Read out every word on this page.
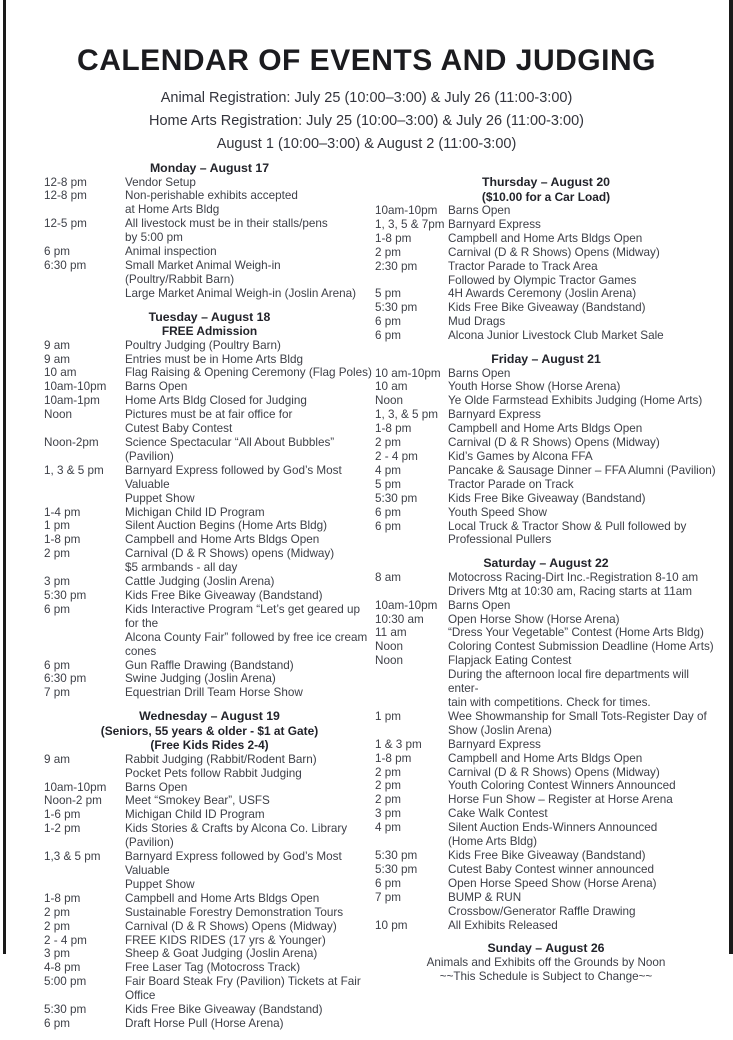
CALENDAR OF EVENTS AND JUDGING
Animal Registration: July 25 (10:00–3:00) & July 26 (11:00-3:00)
Home Arts Registration: July 25 (10:00–3:00) & July 26 (11:00-3:00)
August 1 (10:00–3:00) & August 2 (11:00-3:00)
Monday – August 17
12-8 pm	Vendor Setup
12-8 pm	Non-perishable exhibits accepted
at Home Arts Bldg
12-5 pm	All livestock must be in their stalls/pens
by 5:00 pm
6 pm	Animal inspection
6:30 pm	Small Market Animal Weigh-in
(Poultry/Rabbit Barn)
Large Market Animal Weigh-in (Joslin Arena)
Tuesday – August 18
FREE Admission
9 am	Poultry Judging (Poultry Barn)
9 am	Entries must be in Home Arts Bldg
10 am	Flag Raising & Opening Ceremony (Flag Poles)
10am-10pm	Barns Open
10am-1pm	Home Arts Bldg Closed for Judging
Noon	Pictures must be at fair office for
Cutest Baby Contest
Noon-2pm	Science Spectacular “All About Bubbles” (Pavilion)
1, 3 & 5 pm	Barnyard Express followed by God’s Most Valuable
Puppet Show
1-4 pm	Michigan Child ID Program
1 pm	Silent Auction Begins (Home Arts Bldg)
1-8 pm	Campbell and Home Arts Bldgs Open
2 pm	Carnival (D & R Shows) opens (Midway)
$5 armbands - all day
3 pm	Cattle Judging (Joslin Arena)
5:30 pm	Kids Free Bike Giveaway (Bandstand)
6 pm	Kids Interactive Program “Let’s get geared up for the
Alcona County Fair” followed by free ice cream cones
6 pm	Gun Raffle Drawing (Bandstand)
6:30 pm	Swine Judging (Joslin Arena)
7 pm	Equestrian Drill Team Horse Show
Wednesday – August 19
(Seniors, 55 years & older - $1 at Gate)
(Free Kids Rides 2-4)
9 am	Rabbit Judging (Rabbit/Rodent Barn)
Pocket Pets follow Rabbit Judging
10am-10pm	Barns Open
Noon-2 pm	Meet “Smokey Bear”, USFS
1-6 pm	Michigan Child ID Program
1-2 pm	Kids Stories & Crafts by Alcona Co. Library
(Pavilion)
1,3 & 5 pm	Barnyard Express followed by God’s Most Valuable
Puppet Show
1-8 pm	Campbell and Home Arts Bldgs Open
2 pm	Sustainable Forestry Demonstration Tours
2 pm	Carnival (D & R Shows) Opens (Midway)
2 - 4 pm	FREE KIDS RIDES (17 yrs & Younger)
3 pm	Sheep & Goat Judging (Joslin Arena)
4-8 pm	Free Laser Tag (Motocross Track)
5:00 pm	Fair Board Steak Fry (Pavilion) Tickets at Fair Office
5:30 pm	Kids Free Bike Giveaway (Bandstand)
6 pm	Draft Horse Pull (Horse Arena)
Thursday – August 20
($10.00 for a Car Load)
10am-10pm Barns Open
1, 3, 5 & 7pm Barnyard Express
1-8 pm	Campbell and Home Arts Bldgs Open
2 pm	Carnival (D & R Shows) Opens (Midway)
2:30 pm	Tractor Parade to Track Area
Followed by Olympic Tractor Games
5 pm	4H Awards Ceremony (Joslin Arena)
5:30 pm	Kids Free Bike Giveaway (Bandstand)
6 pm	Mud Drags
6 pm	Alcona Junior Livestock Club Market Sale
Friday – August 21
10 am-10pm Barns Open
10 am	Youth Horse Show (Horse Arena)
Noon	Ye Olde Farmstead Exhibits Judging (Home Arts)
1, 3, & 5 pm Barnyard Express
1-8 pm	Campbell and Home Arts Bldgs Open
2 pm	Carnival (D & R Shows) Opens (Midway)
2 - 4 pm	Kid’s Games by Alcona FFA
4 pm	Pancake & Sausage Dinner – FFA Alumni (Pavilion)
5 pm	Tractor Parade on Track
5:30 pm	Kids Free Bike Giveaway (Bandstand)
6 pm	Youth Speed Show
6 pm	Local Truck & Tractor Show & Pull followed by
Professional Pullers
Saturday – August 22
8 am	Motocross Racing-Dirt Inc.-Registration 8-10 am
Drivers Mtg at 10:30 am, Racing starts at 11am
10am-10pm Barns Open
10:30 am	Open Horse Show (Horse Arena)
11 am	“Dress Your Vegetable” Contest (Home Arts Bldg)
Noon	Coloring Contest Submission Deadline (Home Arts)
Noon	Flapjack Eating Contest
During the afternoon local fire departments will enter-
tain with competitions. Check for times.
1 pm	Wee Showmanship for Small Tots-Register Day of
Show (Joslin Arena)
1 & 3 pm	Barnyard Express
1-8 pm	Campbell and Home Arts Bldgs Open
2 pm	Carnival (D & R Shows) Opens (Midway)
2 pm	Youth Coloring Contest Winners Announced
2 pm	Horse Fun Show – Register at Horse Arena
3 pm	Cake Walk Contest
4 pm	Silent Auction Ends-Winners Announced
(Home Arts Bldg)
5:30 pm	Kids Free Bike Giveaway (Bandstand)
5:30 pm	Cutest Baby Contest winner announced
6 pm	Open Horse Speed Show (Horse Arena)
7 pm	BUMP & RUN
Crossbow/Generator Raffle Drawing
10 pm	All Exhibits Released
Sunday – August 26
Animals and Exhibits off the Grounds by Noon
~~This Schedule is Subject to Change~~
